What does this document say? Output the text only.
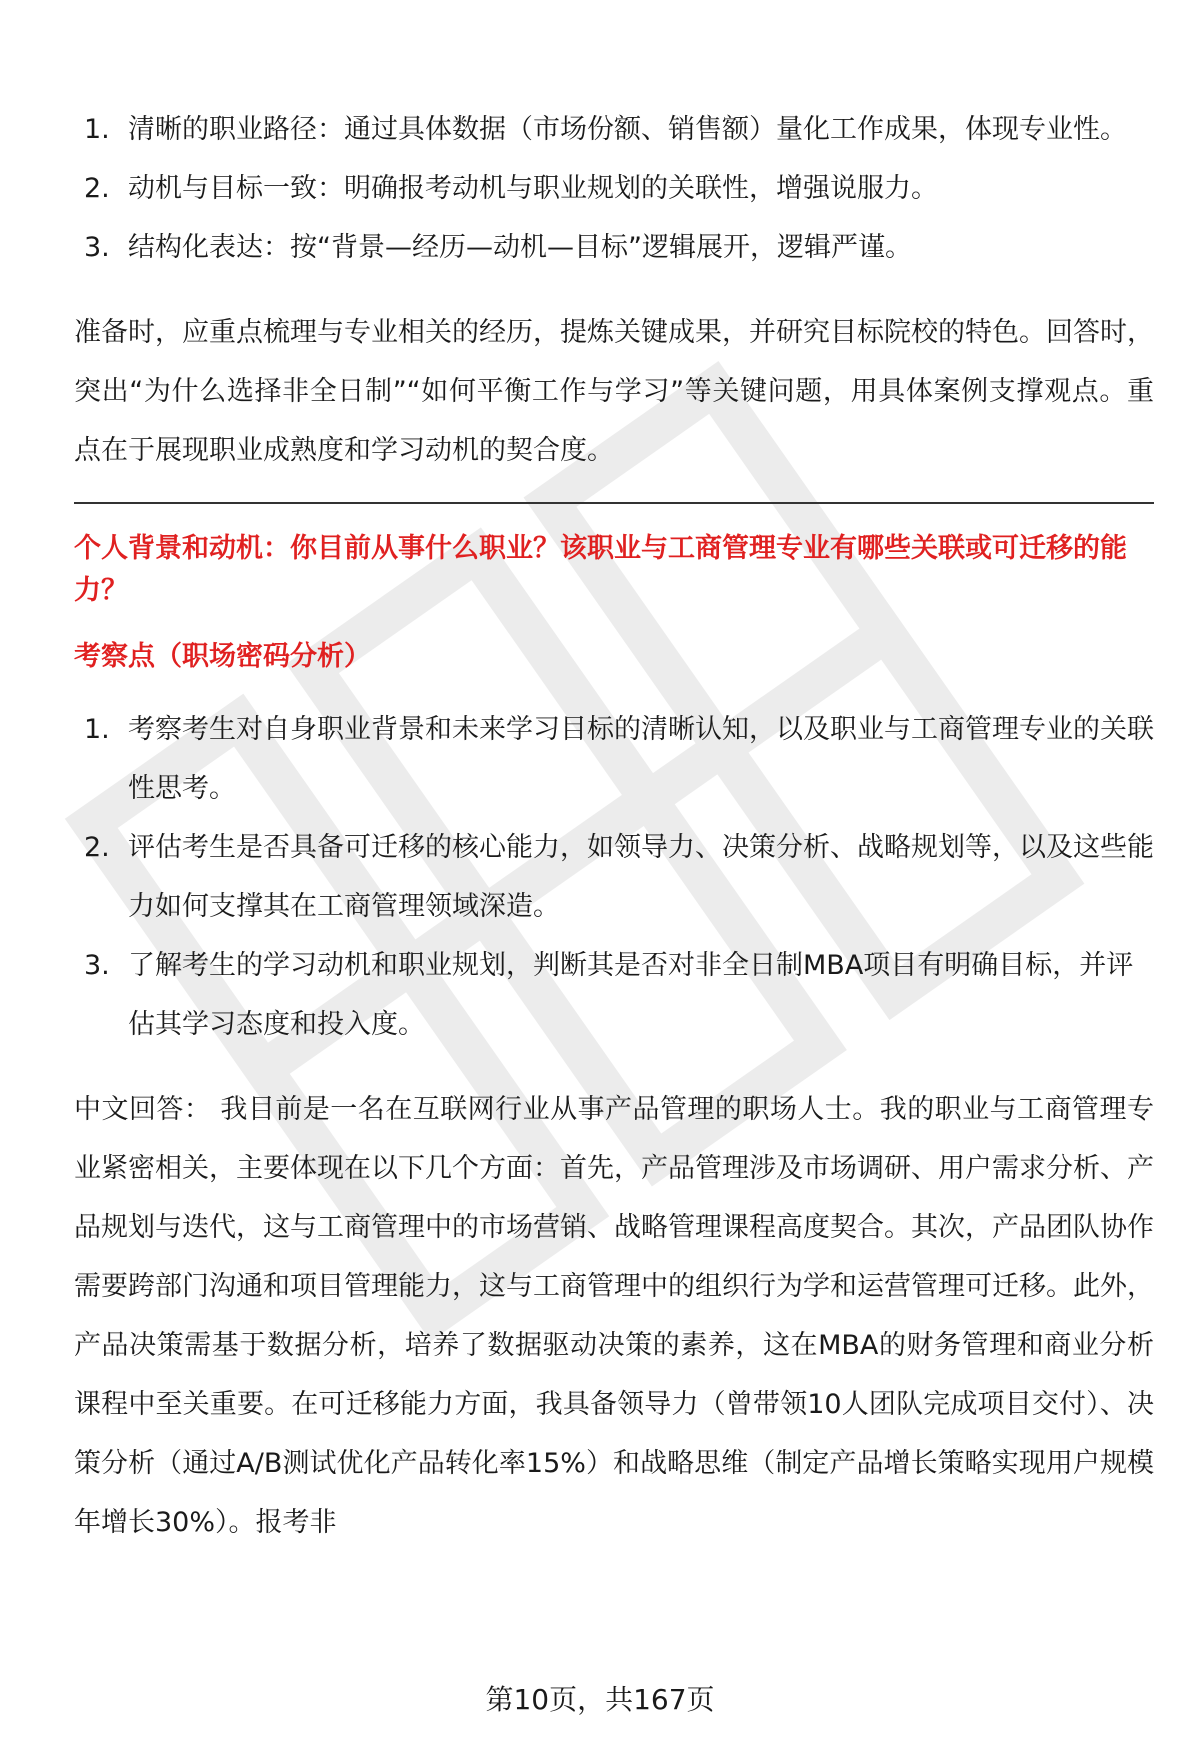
1. 清晰的职业路径：通过具体数据（市场份额、销售额）量化工作成果，体现专业性。
2. 动机与目标一致：明确报考动机与职业规划的关联性，增强说服力。
3. 结构化表达：按“背景—经历—动机—目标”逻辑展开，逻辑严谨。

准备时，应重点梳理与专业相关的经历，提炼关键成果，并研究目标院校的特色。回答时，突出“为什么选择非全日制”“如何平衡工作与学习”等关键问题，用具体案例支撑观点。重点在于展现职业成熟度和学习动机的契合度。

个人背景和动机：你目前从事什么职业？该职业与工商管理专业有哪些关联或可迁移的能力？

考察点（职场密码分析）

1. 考察考生对自身职业背景和未来学习目标的清晰认知，以及职业与工商管理专业的关联性思考。
2. 评估考生是否具备可迁移的核心能力，如领导力、决策分析、战略规划等，以及这些能力如何支撑其在工商管理领域深造。
3. 了解考生的学习动机和职业规划，判断其是否对非全日制MBA项目有明确目标，并评估其学习态度和投入度。

中文回答： 我目前是一名在互联网行业从事产品管理的职场人士。我的职业与工商管理专业紧密相关，主要体现在以下几个方面：首先，产品管理涉及市场调研、用户需求分析、产品规划与迭代，这与工商管理中的市场营销、战略管理课程高度契合。其次，产品团队协作需要跨部门沟通和项目管理能力，这与工商管理中的组织行为学和运营管理可迁移。此外，产品决策需基于数据分析，培养了数据驱动决策的素养，这在MBA的财务管理和商业分析课程中至关重要。在可迁移能力方面，我具备领导力（曾带领10人团队完成项目交付）、决策分析（通过A/B测试优化产品转化率15%）和战略思维（制定产品增长策略实现用户规模年增长30%）。报考非

第10页，共167页
